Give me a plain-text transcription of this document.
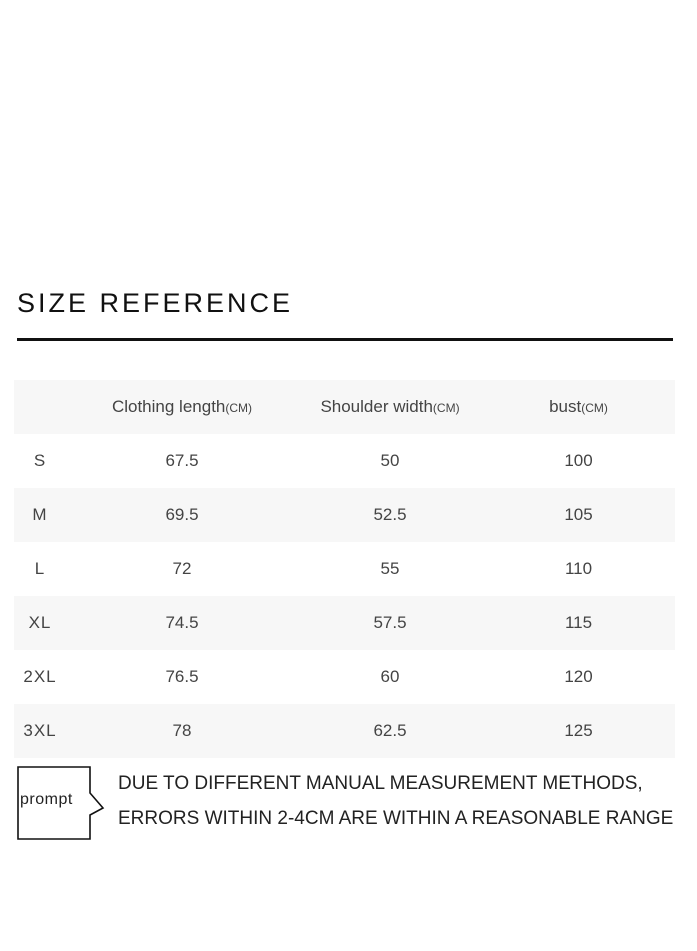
SIZE REFERENCE
	Clothing length(CM)	Shoulder width(CM)	bust(CM)
S	67.5	50	100
M	69.5	52.5	105
L	72	55	110
XL	74.5	57.5	115
2XL	76.5	60	120
3XL	78	62.5	125
prompt
DUE TO DIFFERENT MANUAL MEASUREMENT METHODS,
ERRORS WITHIN 2-4CM ARE WITHIN A REASONABLE RANGE
